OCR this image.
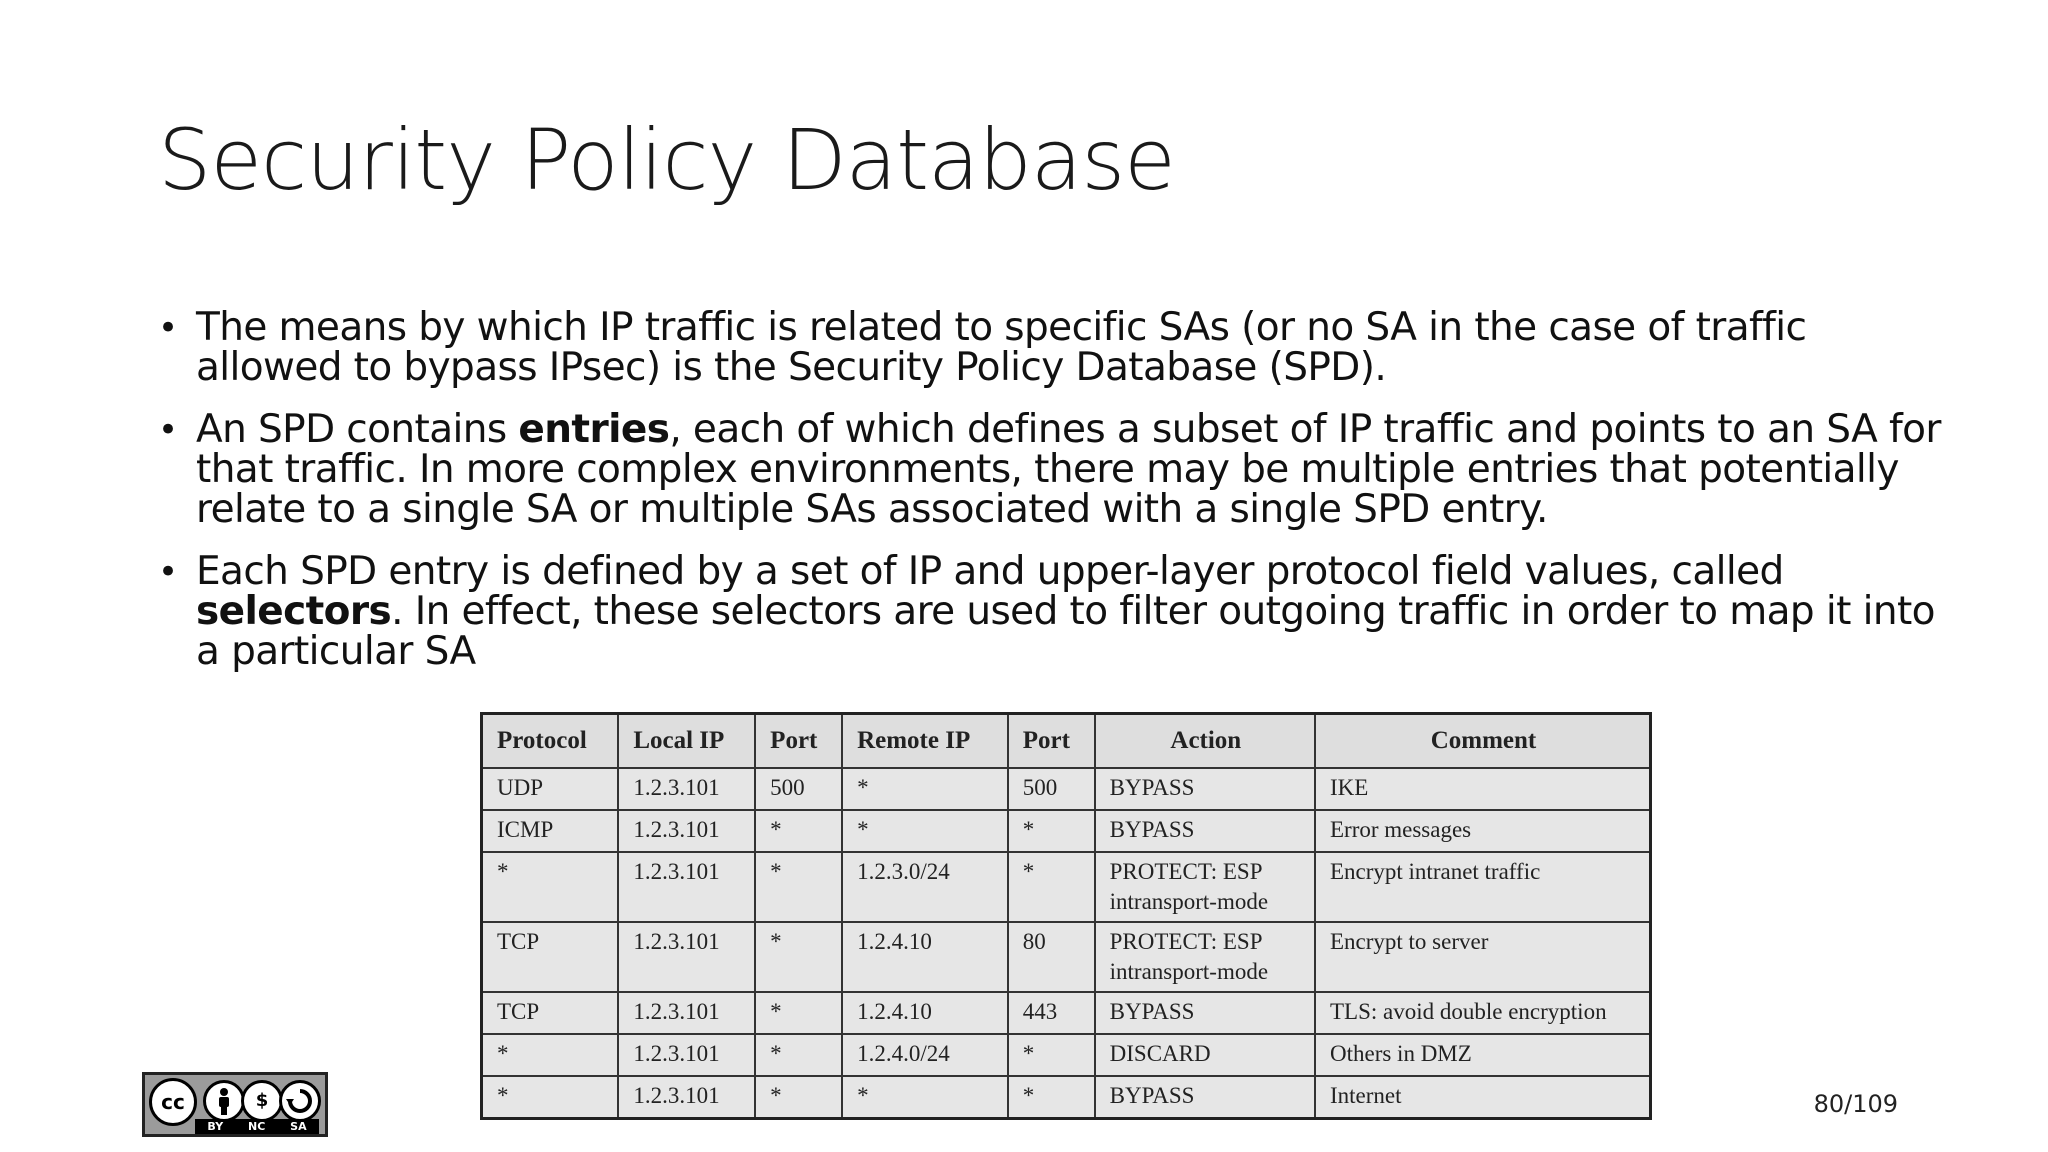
Security Policy Database
• The means by which IP traffic is related to specific SAs (or no SA in the case of traffic allowed to bypass IPsec) is the Security Policy Database (SPD).
• An SPD contains entries, each of which defines a subset of IP traffic and points to an SA for that traffic. In more complex environments, there may be multiple entries that potentially relate to a single SA or multiple SAs associated with a single SPD entry.
• Each SPD entry is defined by a set of IP and upper-layer protocol field values, called selectors. In effect, these selectors are used to filter outgoing traffic in order to map it into a particular SA
Protocol	Local IP	Port	Remote IP	Port	Action	Comment
UDP	1.2.3.101	500	*	500	BYPASS	IKE
ICMP	1.2.3.101	*	*	*	BYPASS	Error messages
*	1.2.3.101	*	1.2.3.0/24	*	PROTECT: ESP intransport-mode	Encrypt intranet traffic
TCP	1.2.3.101	*	1.2.4.10	80	PROTECT: ESP intransport-mode	Encrypt to server
TCP	1.2.3.101	*	1.2.4.10	443	BYPASS	TLS: avoid double encryption
*	1.2.3.101	*	1.2.4.0/24	*	DISCARD	Others in DMZ
*	1.2.3.101	*	*	*	BYPASS	Internet
cc	$
BY NC SA
80/109
